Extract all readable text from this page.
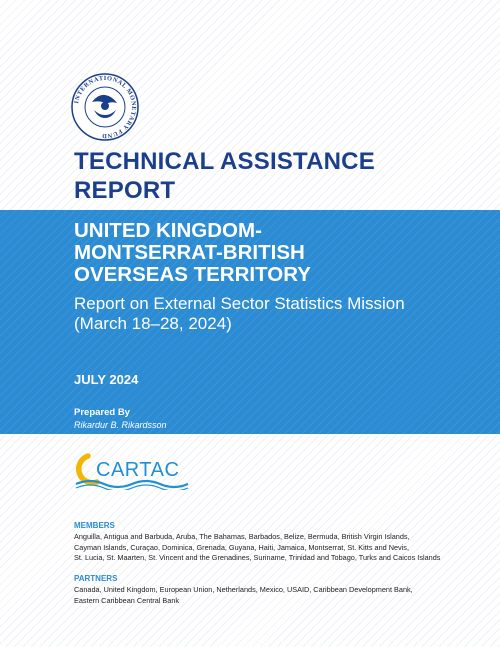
INTERNATIONAL MONETARY FUND
TECHNICAL ASSISTANCE
REPORT
UNITED KINGDOM-
MONTSERRAT-BRITISH
OVERSEAS TERRITORY
Report on External Sector Statistics Mission
(March 18–28, 2024)
JULY 2024
Prepared By
Rikardur B. Rikardsson
CARTAC
MEMBERS
Anguilla, Antigua and Barbuda, Aruba, The Bahamas, Barbados, Belize, Bermuda, British Virgin Islands,
Cayman Islands, Curaçao, Dominica, Grenada, Guyana, Haiti, Jamaica, Montserrat, St. Kitts and Nevis,
St. Lucia, St. Maarten, St. Vincent and the Grenadines, Suriname, Trinidad and Tobago, Turks and Caicos Islands
PARTNERS
Canada, United Kingdom, European Union, Netherlands, Mexico, USAID, Caribbean Development Bank,
Eastern Caribbean Central Bank
